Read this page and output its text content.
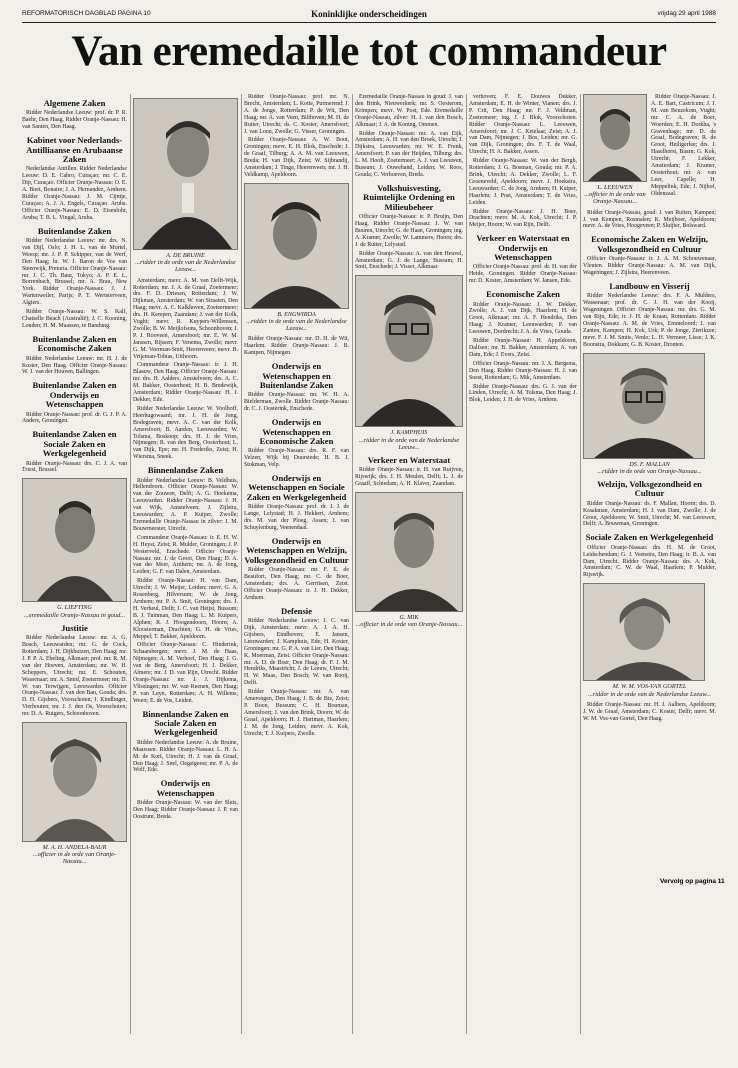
REFORMATORISCH DAGBLAD PAGINA 10	Koninklijke onderscheidingen	vrijdag 29 april 1988
Van eremedaille tot commandeur
Algemene Zaken

Ridder Nederlandse Leeuw: prof. dr. P. R. Baehr, Den Haag. Ridder Oranje-Nassau: H. van Santen, Den Haag.

Kabinet voor Nederlands-Antilliaanse en Arubaanse Zaken

Nederlandse Antillen. Ridder Nederlandse Leeuw: D. E. Cabro, Curaçao; mr. C. E. Dip, Curaçao. Officier Oranje-Nassau: O. E. A. Boet, Bonaire; J. A. Hernandez, Arnhem. Ridder Oranje-Nassau: J. M. Cijntje, Curaçao; A. J. A. Engels, Curaçao. Aruba. Officier Oranje-Nassau: E. D. Eisenlohr, Aruba; T. B. L. Vingal, Aruba.

Buitenlandse Zaken

Ridder Nederlandse Leeuw: mr. drs. N. van Dijl, Oslo; J. H. L. van de Mortel, Weesp; mr. J. P. P. Schipper, van de Werf, Den Haag; hr. W. J. Baron de Vos van Steenwijk, Pretoria. Officier Oranje-Nassau: mr. J. C. Th. Baur, Tokyo; A. P. E. L. Borrenbach, Brussel; mr. A. Brau, New York. Ridder Oranje-Nassau: J. J. Wartenweiler, Parijs; P. T. Wertsterveen, Algiers.

Ridder Oranje-Nassau: W. S. Kalf, Chatselle Beach (Australië); J. C. Kooning, Londen; H. M. Maassen, te Bandung.

Buitenlandse Zaken en Economische Zaken

Ridder Nederlandse Leeuw: mr. H. J. de Koster, Den Haag. Officier Oranje-Nassau: W. J. van der Houven, Ballingen.

Buitenlandse Zaken en Onderwijs en Wetenschappen

Ridder Oranje-Nassau: prof. dr. G. J. P. A. Anders, Groningen.

Buitenlandse Zaken en Sociale Zaken en Werkgelegenheid

Ridder Oranje-Nassau: drs. C. J. A. van Triest, Brussel.

G. LIEFTING
...eremedaille Oranje-Nassau in goud...
Justitie

Ridder Nederlandse Leeuw: mr. A. G. Bosch, Leeuwarden; mr. G. de Cock, Rotterdam; J. H. Dijkhuizen, Den Haag; mr. J. P. P. A. Ebeling, Alkmaar; prof. mr. R. M. van der Hoeven, Amsterdam; mr. W. H. Scheppers, Utrecht; mr. E. Schouten, Wassenaar; mr. A. Smid, Zoetermeer; mr. D. W. van Terwijgen, Leeuwarden. Officier Oranje-Nassau: J. van den Ban, Gouda; drs. D. H. Gijsbers, Voorschoten; J. Kindlinger, Vierhouten; mr. J. J. den Os, Voorschoten; mr. D. A. Rutgers, Schoonhoven.

M. A. H. ANDELA-BAUR
...officier in de orde van Oranje-Nassau...
A. DE BRUINE
...ridder in de orde van de Nederlandse Leeuw...

Amsterdam; mevr. A. M. van Delft-Wijk, Rotterdam; mr. J. A. de Graaf, Zoetermeer; drs. F. D. Driesen, Rotterdam; J. W. Dijkman, Amsterdam; W. van Straaten, Den Haag; mevr. A. C. Kalkhoven, Zoeteermeer; drs. H. Kempen, Zaandam; J. van der Kolk, Vught; mevr. R. Kuypers-Willemsen, Zwolle; B. W. Meijlofsons, Schoonhoven; J. P. J. Rooveen, Amersfoort; mr. E. W. M. Janssen, Rijssen; F. Venema, Zwolle; mevr. G. M. Veerman-Smit, Heerenveen; mevr. B. Vrijeman-Tobias, Uithoorn.

Commandeur Oranje-Nassau: ir. J. H. Blaauw, Den Haag. Officier Oranje-Nassau: mr. drs. H. Aalders, Amstelveen; drs. A. C. M. Bakker, Oosterhout; H. B. Bredewijk, Amsterdam; Ridder Oranje-Nassau: H. J. Dekker, Ede.

Ridder Nederlandse Leeuw: W. Voolhoff, Heerhugowaard; mr. J. H. de Jong, Bodegraven; mevr. A. C. van der Kolk, Amersfoort; B. Aarden, Leeuwarden; W. Tolsma, Boskoop; drs. H. J. de Vries, Nijmegen; R. van den Berg, Oosterhout; L. van Dijk, Epe; mr. H. Frederiks, Zeist; H. Wiersma, Sneek.

Binnenlandse Zaken

Ridder Nederlandse Leeuw: B. Veldhuis, Hellendoorn. Officier Oranje-Nassau: W. van der Zouwen, Delft; A. G. Hoekema, Leeuwarden. Ridder Oranje-Nassau: J. H. van Wijk, Amstelveen; J. Zijlstra, Leeuwarden; A. P. Kuiper, Zwolle; Eremedaille Oranje-Nassau in zilver: J. M. Bouwmeester, Utrecht.

Commandeur Oranje-Nassau: ir. E. H. W. H. Heyst, Zeist; R. Mulder, Groningen; J. P. Westerveld, Enschede. Officier Oranje-Nassau: mr. J. de Groot, Den Haag; D. A. van der Meer, Arnhem; mr. A. de Jong, Leiden; G. F. van Dalen, Amsterdam.

Ridder Oranje-Nassau: H. van Dam, Utrecht; J. W. Meijer, Leiden; mevr. G. A. Rosenberg, Hilversum; W. de Jong, Arnhem; mr. P. A. Smit, Groningen; drs. J. H. Verheul, Delft; J. C. van Heijst, Bussum; B. J. Tuinman, Den Haag; L. M. Kuipers, Alphen; R. J. Hoogendoorn, Hoorn; A. Kloosterman, Drachten; G. H. de Vries, Meppel; T. Bakker, Apeldoorn.

Officier Oranje-Nassau: C. Hinderink, Schaarsbergen; mevr. J. M. de Haas, Nijmegen; A. M. Verhoef, Den Haag; J. G. van de Berg, Amersfoort; H. J. Dekker, Almere; mr. J. D. van Rijn, Utrecht. Ridder Oranje-Nassau: mr. J. J. Dijkema, Vlissingen; mr. W. van Reenen, Den Haag; P. van Luyn, Rotterdam; A. H. Willems, Weert; E. de Vos, Leiden.

Binnenlandse Zaken en Sociale Zaken en Werkgelegenheid

Ridder Nederlandse Leeuw: A. de Bruine, Maarssen. Ridder Oranje-Nassau: L. H. A. M. de Kort, Utrecht; H. J. van de Graaf, Den Haag; J. Snel, Oegstgeest; mr. P. A. de Wolf, Ede.

Onderwijs en Wetenschappen

Ridder Oranje-Nassau: W. van der Sluis, Den Haag; Ridder Oranje-Nassau: J. P. van Oostrum, Breda.

Ridder Oranje-Nassau: prof. mr. N. Brecht, Amsterdam; L. Kotte, Purmerend; J. A. de Jonge, Rotterdam; P. de Wit, Den Haag; mr. A. van Veen, Bilthoven; M. H. de Ruiter, Utrecht; ds. C. Koster, Amersfoort; J. van Loon, Zwolle; G. Visser, Groningen.

Ridder Oranje-Nassau: A. W. Boot, Groningen; mevr. E. H. Blok, Enschede; J. de Graaf, Tilburg; A. A. M. van Leeuwen, Breda; H. van Dijk, Zeist; W. Sijbrandij, Amsterdam; J. Tinga, Heerenveen; mr. J. H. Veldkamp, Apeldoorn.

B. ENGWIRDA
...ridder in de orde van de Nederlandse Leeuw...

Ridder Oranje-Nassau: mr. D. H. de Wit, Haarlem. Ridder Oranje-Nassau: J. B. Kampen, Nijmegen.

Onderwijs en Wetenschappen en Buitenlandse Zaken

Ridder Oranje-Nassau: mr. W. H. A. Bielderman, Zwolle. Ridder Oranje-Nassau: dr. C. J. Oosterink, Enschede.

Onderwijs en Wetenschappen en Economische Zaken

Ridder Oranje-Nassau: drs. R. F. van Velzen, Wijk bij Duurstede; H. B. J. Stokman, Velp.

Onderwijs en Wetenschappen en Sociale Zaken en Werkgelegenheid

Ridder Oranje-Nassau: prof. dr. J. J. de Lange, Lelystad; H. J. Hekkert, Arnhem; drs. M. van der Ploeg, Assen; J. van Schuylenburg, Veenendaal.

Onderwijs en Wetenschappen en Welzijn, Volksgezondheid en Cultuur

Ridder Oranje-Nassau: mr. F. E. de Beaufort, Den Haag; mr. C. de Boer, Amsterdam; drs. A. Gerritsen, Zeist. Officier Oranje-Nassau: ir. J. H. Dekker, Arnhem.

Defensie

Ridder Nederlandse Leeuw: J. C. van Dijk, Amsterdam; mevr. A. J. A. H. Gijsbers, Eindhoven; E. Jansen, Leeuwarden; J. Kamphuis, Ede; H. Koster, Groningen; mr. G. P. A. van Lier, Den Haag; K. Moerman, Zeist. Officier Oranje-Nassau: mr. A. D. de Boer, Den Haag; dr. F. J. M. Hendriks, Maastricht; J. de Leeuw, Utrecht; H. W. Maas, Den Bosch; W. van Rooij, Delft.

Ridder Oranje-Nassau: mr. A. van Amerongen, Den Haag; J. B. de Bie, Zeist; P. Boon, Bussum; C. H. Bouman, Amersfoort; J. van den Brink, Doorn; W. de Graaf, Apeldoorn; H. J. Hartman, Haarlem; J. M. de Jong, Leiden; mevr. A. Kok, Utrecht; T. J. Kuipers, Zwolle.

Eremedaille Oranje-Nassau in goud: J. van den Brink, Nieuwerkerk; mr. S. Oosterom, Krimpen; mevr. W. Post, Ede. Eremedaille Oranje-Nassau, zilver: H. J. van den Bosch, Alkmaar; J. A. de Koning, Ommen.

Ridder Oranje-Nassau: mr. A. van Eijk, Amsterdam; A. H. van den Broek, Utrecht; J. Dijkstra, Leeuwarden; mr. W. E. Frenk, Amersfoort; P. van der Heijden, Tilburg; drs. L. M. Hooft, Zoetermeer; A. J. van Leeuwen, Bussum; J. Ouwehand, Leiden; W. Roos, Gouda; C. Verhoeven, Breda.

Volkshuisvesting, Ruimtelijke Ordening en Milieubeheer

Officier Oranje-Nassau: ir. P. Bruijn, Den Haag. Ridder Oranje-Nassau: J. W. van Buuren, Utrecht; G. de Haan, Groningen; ing. A. Kramer, Zwolle; W. Lammers, Hoorn; drs. J. de Ruiter, Lelystad.

Ridder Oranje-Nassau: A. van den Heuvel, Amsterdam; G. J. de Lange, Bussum; H. Smit, Enschede; J. Visser, Alkmaar.

J. KAMPHUIS
...ridder in de orde van de Nederlandse Leeuw...
Verkeer en Waterstaat

Ridder Oranje-Nassau: ir. H. van Ruijven, Rijswijk; drs. J. H. Meulen, Delft; L. J. de Graaff, Schiedam; A. H. Klaver, Zaandam.

G. MIK
...officier in de orde van Oranje-Nassau...

verhoven; F. E. Douwes Dekker, Amsterdam; E. H. de Winter, Vianen; drs. J. P. Crit, Den Haag; mr. F. J. Veldman, Zoetermeer; ing. J. J. Blok, Voorschoten. Ridder Oranje-Nassau: L. Leeuwen, Amersfoort; mr. J. C. Ketelaar, Zeist; A. J. van Dam, Nijmegen; J. Bos, Leiden; mr. G. van Dijk, Groningen; drs. F. T. de Waal, Utrecht; H. A. Bakker, Assen.

Ridder Oranje-Nassau: W. van der Bergh, Rotterdam; J. G. Bosman, Gouda; mr. P. A. Brink, Utrecht; A. Dekker, Zwolle; L. F. Groeneveld, Apeldoorn; mevr. J. Hoekstra, Leeuwarden; C. de Jong, Arnhem; H. Kuiper, Haarlem; J. Post, Amsterdam; T. de Vries, Leiden.

Ridder Oranje-Nassau: J. H. Boer, Drachten; mevr. M. A. Kok, Utrecht; J. P. Meijer, Hoorn; W. van Rijn, Delft.

Verkeer en Waterstaat en Onderwijs en Wetenschappen

Officier Oranje-Nassau: prof. dr. H. van der Heide, Groningen. Ridder Oranje-Nassau: mr. D. Koster, Amsterdam; W. Jansen, Ede.

Economische Zaken

Ridder Oranje-Nassau: J. W. Dekker, Zwolle; A. J. van Dijk, Haarlem; H. de Groot, Alkmaar; mr. A. F. Hendriks, Den Haag; J. Kramer, Leeuwarden; P. van Leeuwen, Dordrecht; J. A. de Vries, Gouda.

Ridder Oranje-Nassau: H. Appeldoorn, Dalfsen; mr. B. Bakker, Amsterdam; A. van Dam, Ede; J. Evers, Zeist.

Officier Oranje-Nassau: mr. J. A. Bergsma, Den Haag. Ridder Oranje-Nassau: H. J. van Soest, Rotterdam; G. Mik, Amsterdam.

Ridder Oranje-Nassau: drs. G. J. van der Linden, Utrecht; A. M. Tolsma, Den Haag; J. Blok, Leiden; J. H. de Vries, Arnhem.

L. LEEUWEN
...officier in de orde van Oranje-Nassau...

Ridder Oranje-Nassau: J. A. E. Bart, Castricum; J. J. M. van Beuzekom, Vught; mr. C. A. de Boer, Woerden; E. H. Dorkha, 's Gravenhage; mr. D. de Graaf, Bodegraven; R. de Groot, Heiligerlee; drs. J. Haselhorst, Baarn; G. Kok, Utrecht; F. Lekker, Amsterdam; J. Kramer, Oosterhout; mr. A. van Leer, Capelle; H. Meppelink, Ede; J. Nijhof, Oldenzaal.

Ridder Oranje-Nassau, goud: J. van Ruiten, Kampen; J. van Kempen, Rosmalen; K. Meijboer, Apeldoorn; mevr. A. de Vries, Hoogeveen; P. Sluijter, Bolsward.

Economische Zaken en Welzijn, Volksgezondheid en Cultuur

Officier Oranje-Nassau: ir. J. A. M. Schouwenaar, Vleuten. Ridder Oranje-Nassau: A. M. van Dijk, Wageningen; J. Zijlstra, Heerenveen.

Landbouw en Visserij

Ridder Nederlandse Leeuw: drs. F. A. Mulders, Wassenaar; prof. dr. C. J. H. van der Kooij, Wageningen. Officier Oranje-Nassau: mr. drs. G. M. van Rijn, Ede; ir. J. H. de Kraan, Rotterdam. Ridder Oranje-Nassau: A. M. de Vries, Emmeloord; J. van Zanten, Kampen; H. Kok, Urk; P. de Jonge, Zierikzee; mevr. F. J. M. Smits, Venlo; L. H. Vermeer, Lisse; J. K. Boonstra, Dokkum; G. B. Koster, Dronten.

DS. F. MALLAN
...ridder in de orde van Oranje-Nassau...
Welzijn, Volksgezondheid en Cultuur

Ridder Oranje-Nassau: ds. F. Mallan, Hoorn; drs. D. Kraakman, Amsterdam; H. J. van Dam, Zwolle; J. de Groot, Apeldoorn; W. Smit, Utrecht; M. van Leeuwen, Delft; A. Bouwman, Groningen.

Sociale Zaken en Werkgelegenheid

Officier Oranje-Nassau: drs. H. M. de Groot, Leidschendam; G. J. Veenstra, Den Haag; ir. B. A. van Dam, Utrecht. Ridder Oranje-Nassau: drs. A. Kok, Amsterdam; C. W. de Waal, Haarlem; P. Mulder, Rijswijk.

M. W. M. VOS-VAN GORTEL
...ridder in de orde van de Nederlandse Leeuw...

Ridder Oranje-Nassau: mr. H. J. Aalbers, Apeldoorn; J. W. de Graaf, Amsterdam; C. Koster, Delft; mevr. M. W. M. Vos-van Gortel, Den Haag.

Vervolg op pagina 11
